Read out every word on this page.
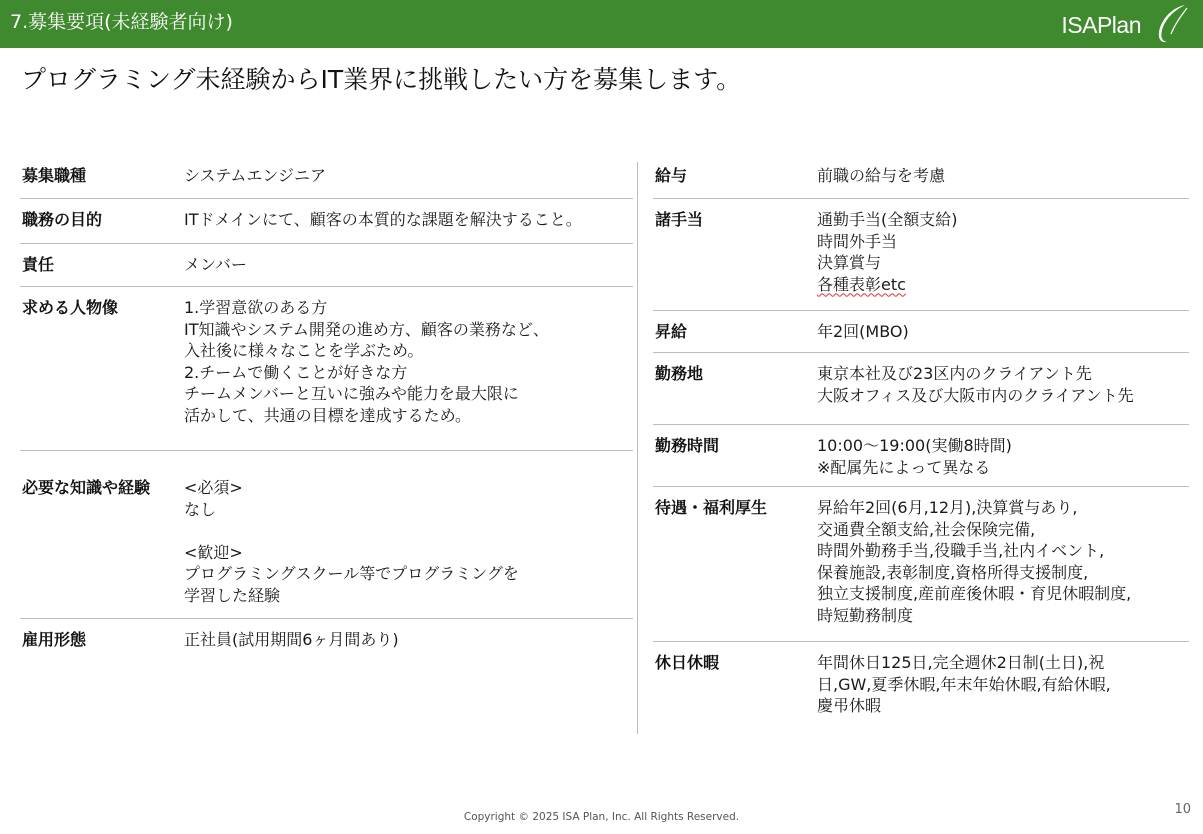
7.募集要項(未経験者向け)	ISAPlan
プログラミング未経験からIT業界に挑戦したい方を募集します。
募集職種	システムエンジニア
職務の目的	ITドメインにて、顧客の本質的な課題を解決すること。
責任	メンバー
求める人物像	1.学習意欲のある方
IT知識やシステム開発の進め方、顧客の業務など、
入社後に様々なことを学ぶため。
2.チームで働くことが好きな方
チームメンバーと互いに強みや能力を最大限に
活かして、共通の目標を達成するため。
必要な知識や経験 <必須>
なし
<歓迎>
プログラミングスクール等でプログラミングを
学習した経験
雇用形態	正社員(試用期間6ヶ月間あり)
給与	前職の給与を考慮
諸手当	通勤手当(全額支給)
時間外手当
決算賞与
各種表彰etc
昇給	年2回(MBO)
勤務地	東京本社及び23区内のクライアント先
大阪オフィス及び大阪市内のクライアント先
勤務時間	10:00〜19:00(実働8時間)
※配属先によって異なる
待遇・福利厚生	昇給年2回(6月,12月),決算賞与あり,
交通費全額支給,社会保険完備,
時間外勤務手当,役職手当,社内イベント,
保養施設,表彰制度,資格所得支援制度,
独立支援制度,産前産後休暇・育児休暇制度,
時短勤務制度
休日休暇	年間休日125日,完全週休2日制(土日),祝
日,GW,夏季休暇,年末年始休暇,有給休暇,
慶弔休暇
Copyright © 2025 ISA Plan, Inc. All Rights Reserved.	10
